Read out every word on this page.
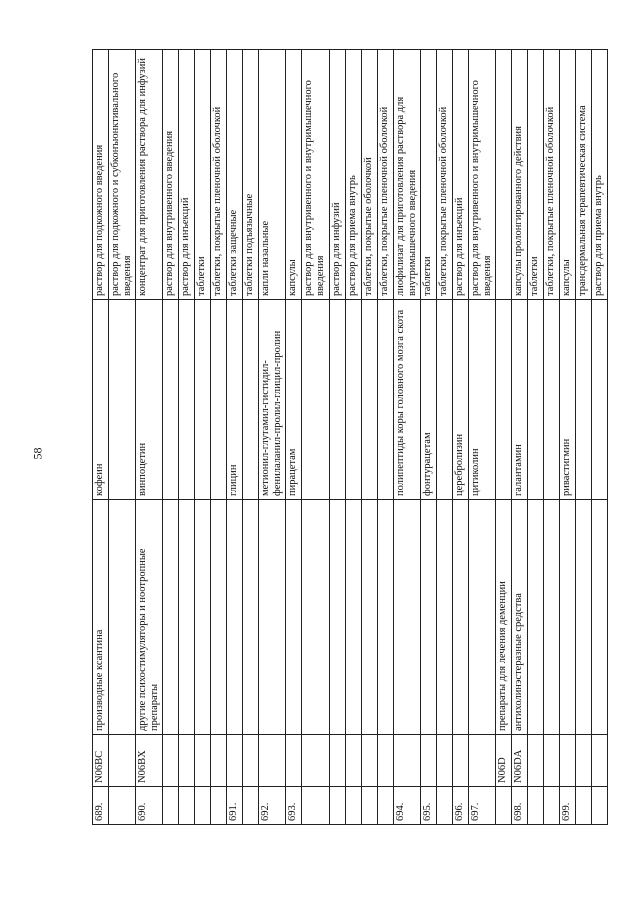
58
689.	N06BC	производные ксантина	кофеин	раствор для подкожного введения
				раствор для подкожного и субконъюнктивального введения
690.	N06BX	другие психостимуляторы и ноотропные препараты	винпоцетин	концентрат для приготовления раствора для инфузий
				раствор для внутривенного введения
				раствор для инъекций
				таблетки
				таблетки, покрытые пленочной оболочкой
691.			глицин	таблетки защечные
				таблетки подъязычные
692.			метионил-глутамил-гистидил-фенилаланил-пролил-глицил-пролин	капли назальные
693.			пирацетам	капсулы
				раствор для внутривенного и внутримышечного введения
				раствор для инфузий
				раствор для приема внутрь
				таблетки, покрытые оболочкой
				таблетки, покрытые пленочной оболочкой
694.			полипептиды коры головного мозга скота	лиофилизат для приготовления раствора для внутримышечного введения
695.			фонтурацетам	таблетки
				таблетки, покрытые пленочной оболочкой
696.			церебролизин	раствор для инъекций
697.			цитиколин	раствор для внутривенного и внутримышечного введения
	N06D	препараты для лечения деменции		
698.	N06DA	антихолинэстеразные средства	галантамин	капсулы пролонгированного действия
				таблетки
				таблетки, покрытые пленочной оболочкой
699.			ривастигмин	капсулы
				трансдермальная терапевтическая система
				раствор для приема внутрь
